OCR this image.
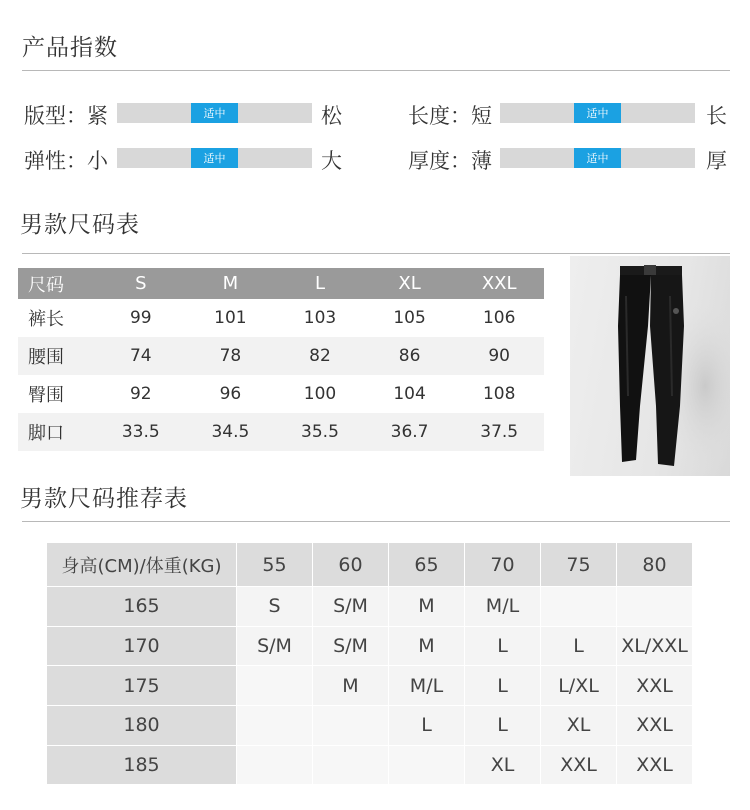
产品指数
版型：紧	适中	松	长度：短	适中	长
弹性：小	适中	大	厚度：薄	适中	厚
男款尺码表
尺码	S	M	L	XL	XXL
裤长	99	101	103	105	106
腰围	74	78	82	86	90
臀围	92	96	100	104	108
脚口	33.5	34.5	35.5	36.7	37.5
男款尺码推荐表
身高(CM)/体重(KG)	55	60	65	70	75	80
165	S	S/M	M	M/L		
170	S/M	S/M	M	L	L	XL/XXL
175		M	M/L	L	L/XL	XXL
180			L	L	XL	XXL
185				XL	XXL	XXL
